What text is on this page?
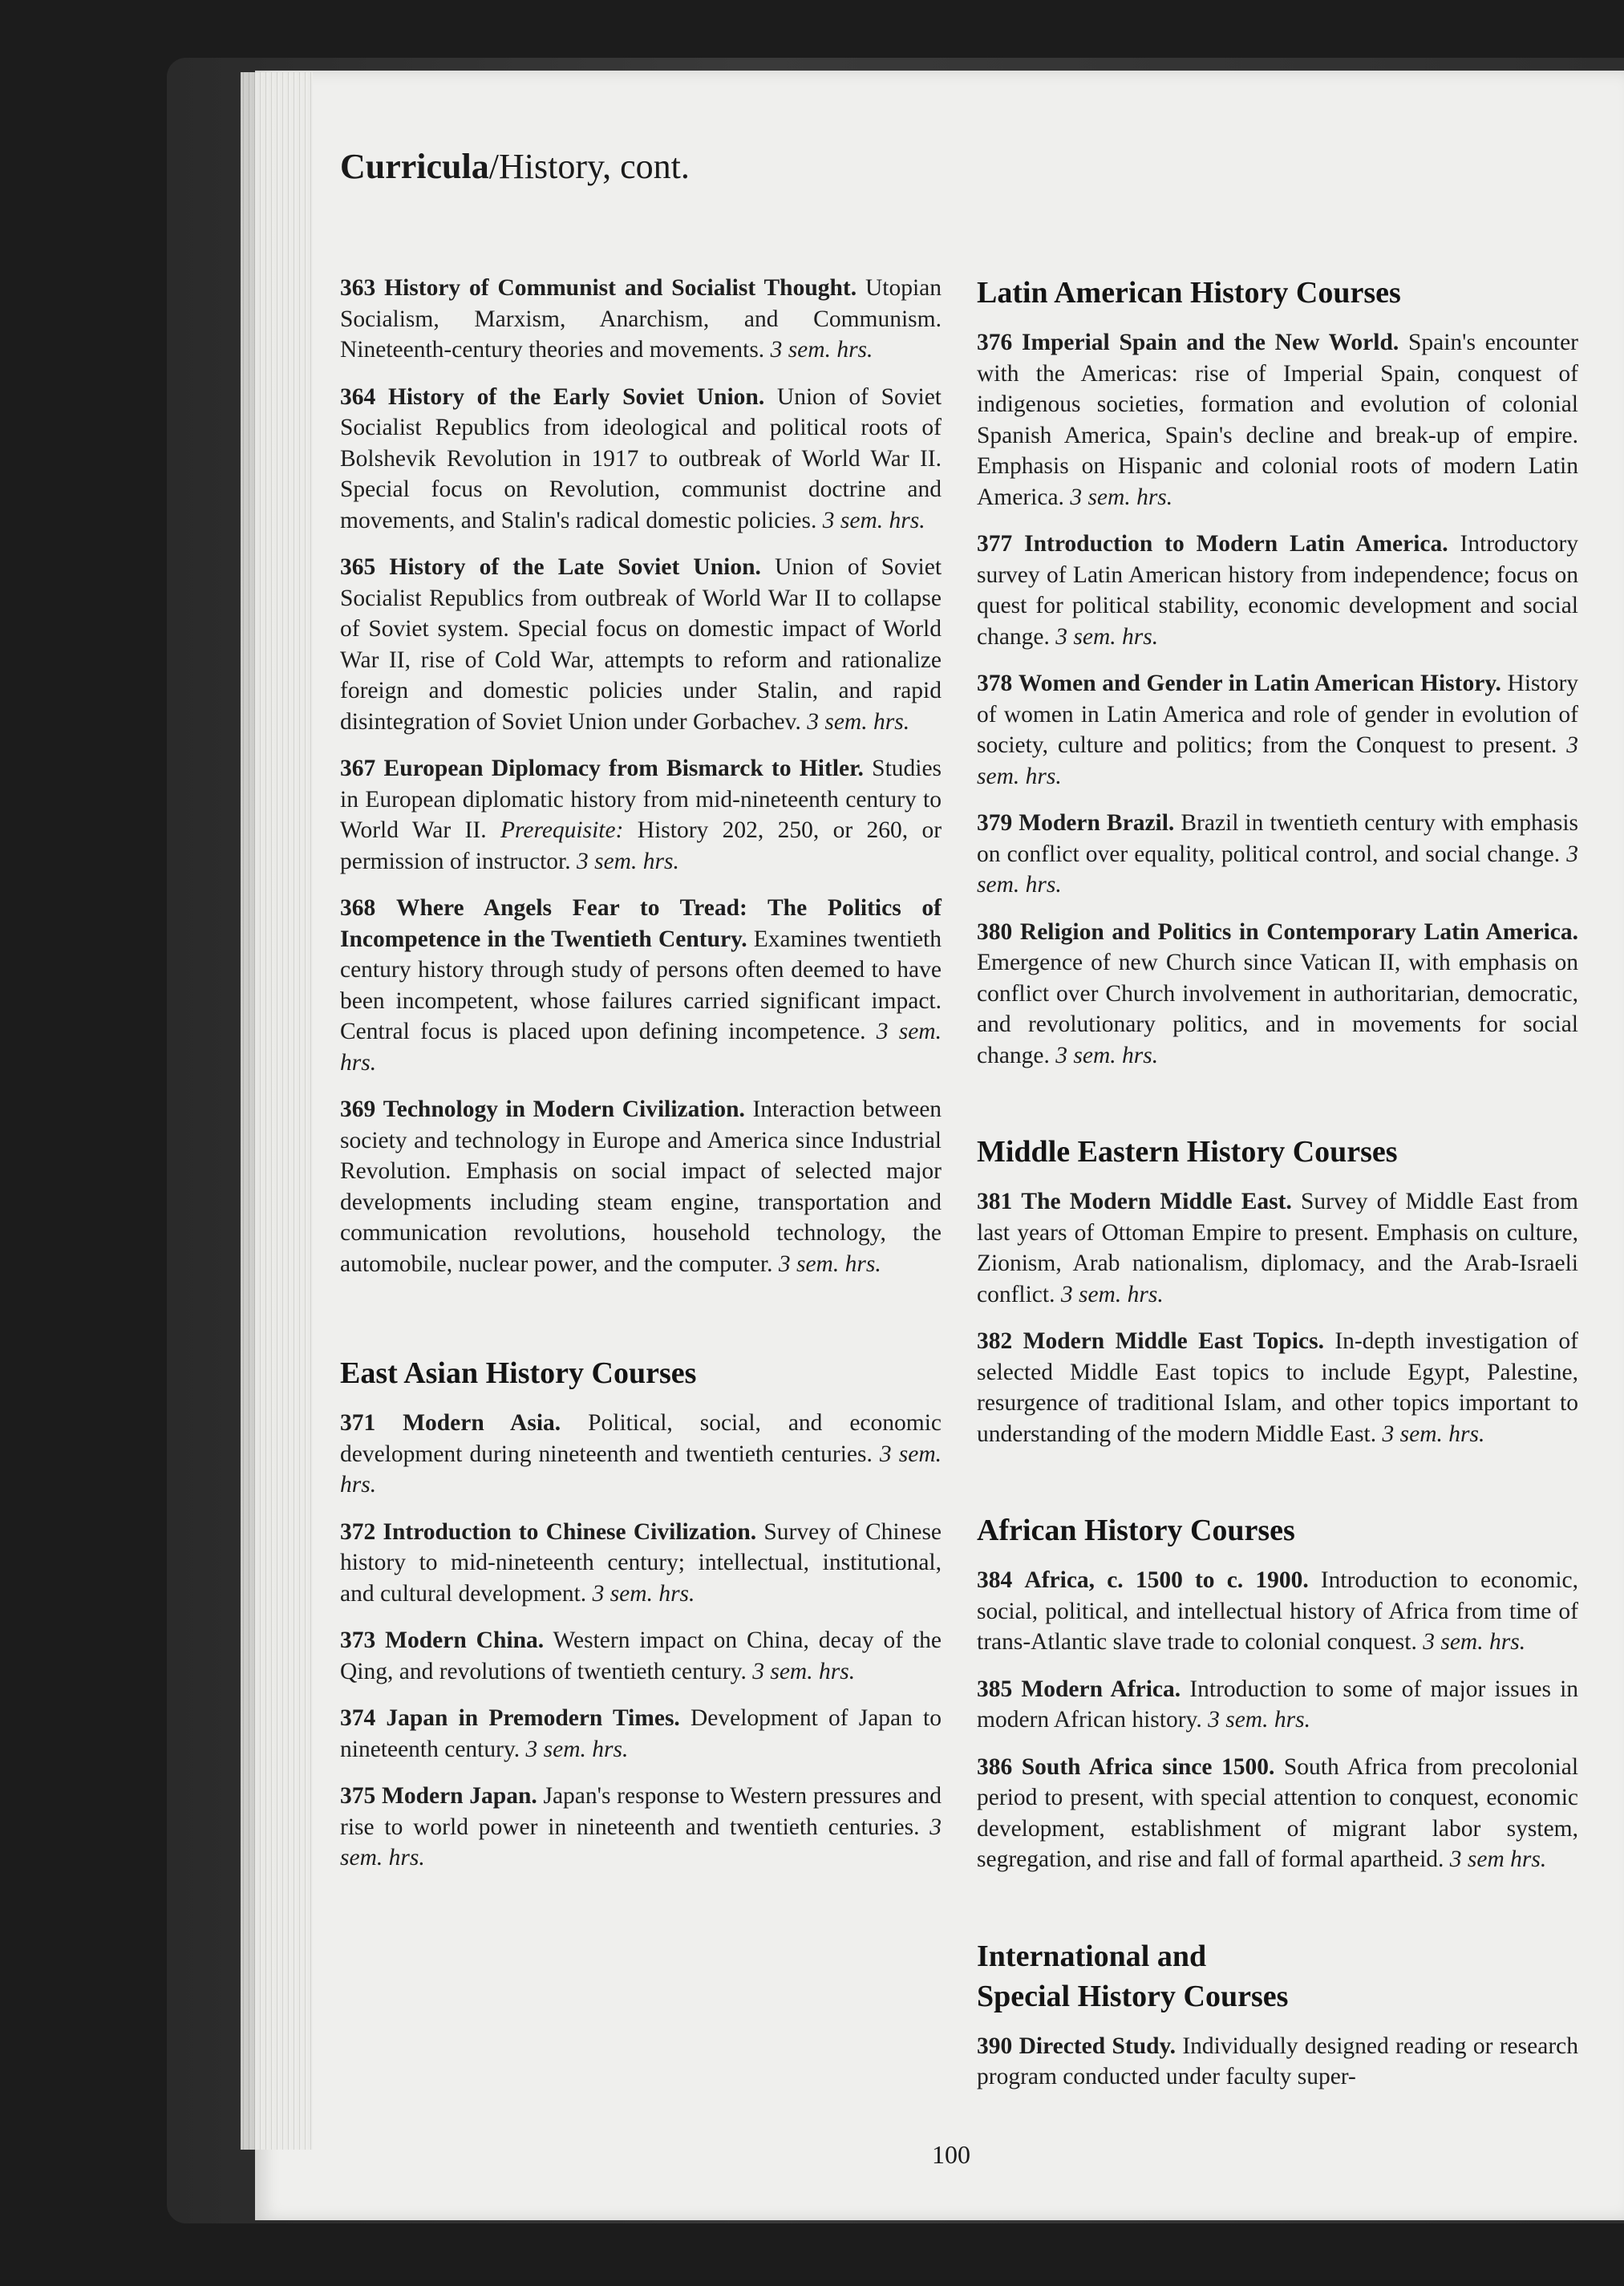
Curricula/History, cont.

363 History of Communist and Socialist Thought. Utopian Socialism, Marxism, Anarchism, and Communism. Nineteenth-century theories and movements. 3 sem. hrs.

364 History of the Early Soviet Union. Union of Soviet Socialist Republics from ideological and political roots of Bolshevik Revolution in 1917 to outbreak of World War II. Special focus on Revolution, communist doctrine and movements, and Stalin's radical domestic policies. 3 sem. hrs.

365 History of the Late Soviet Union. Union of Soviet Socialist Republics from outbreak of World War II to collapse of Soviet system. Special focus on domestic impact of World War II, rise of Cold War, attempts to reform and rationalize foreign and domestic policies under Stalin, and rapid disintegration of Soviet Union under Gorbachev. 3 sem. hrs.

367 European Diplomacy from Bismarck to Hitler. Studies in European diplomatic history from mid-nineteenth century to World War II. Prerequisite: History 202, 250, or 260, or permission of instructor. 3 sem. hrs.

368 Where Angels Fear to Tread: The Politics of Incompetence in the Twentieth Century. Examines twentieth century history through study of persons often deemed to have been incompetent, whose failures carried significant impact. Central focus is placed upon defining incompetence. 3 sem. hrs.

369 Technology in Modern Civilization. Interaction between society and technology in Europe and America since Industrial Revolution. Emphasis on social impact of selected major developments including steam engine, transportation and communication revolutions, household technology, the automobile, nuclear power, and the computer. 3 sem. hrs.

East Asian History Courses

371 Modern Asia. Political, social, and economic development during nineteenth and twentieth centuries. 3 sem. hrs.

372 Introduction to Chinese Civilization. Survey of Chinese history to mid-nineteenth century; intellectual, institutional, and cultural development. 3 sem. hrs.

373 Modern China. Western impact on China, decay of the Qing, and revolutions of twentieth century. 3 sem. hrs.

374 Japan in Premodern Times. Development of Japan to nineteenth century. 3 sem. hrs.

375 Modern Japan. Japan's response to Western pressures and rise to world power in nineteenth and twentieth centuries. 3 sem. hrs.

Latin American History Courses

376 Imperial Spain and the New World. Spain's encounter with the Americas: rise of Imperial Spain, conquest of indigenous societies, formation and evolution of colonial Spanish America, Spain's decline and break-up of empire. Emphasis on Hispanic and colonial roots of modern Latin America. 3 sem. hrs.

377 Introduction to Modern Latin America. Introductory survey of Latin American history from independence; focus on quest for political stability, economic development and social change. 3 sem. hrs.

378 Women and Gender in Latin American History. History of women in Latin America and role of gender in evolution of society, culture and politics; from the Conquest to present. 3 sem. hrs.

379 Modern Brazil. Brazil in twentieth century with emphasis on conflict over equality, political control, and social change. 3 sem. hrs.

380 Religion and Politics in Contemporary Latin America. Emergence of new Church since Vatican II, with emphasis on conflict over Church involvement in authoritarian, democratic, and revolutionary politics, and in movements for social change. 3 sem. hrs.

Middle Eastern History Courses

381 The Modern Middle East. Survey of Middle East from last years of Ottoman Empire to present. Emphasis on culture, Zionism, Arab nationalism, diplomacy, and the Arab-Israeli conflict. 3 sem. hrs.

382 Modern Middle East Topics. In-depth investigation of selected Middle East topics to include Egypt, Palestine, resurgence of traditional Islam, and other topics important to understanding of the modern Middle East. 3 sem. hrs.

African History Courses

384 Africa, c. 1500 to c. 1900. Introduction to economic, social, political, and intellectual history of Africa from time of trans-Atlantic slave trade to colonial conquest. 3 sem. hrs.

385 Modern Africa. Introduction to some of major issues in modern African history. 3 sem. hrs.

386 South Africa since 1500. South Africa from precolonial period to present, with special attention to conquest, economic development, establishment of migrant labor system, segregation, and rise and fall of formal apartheid. 3 sem hrs.

International and
Special History Courses

390 Directed Study. Individually designed reading or research program conducted under faculty super-

100
